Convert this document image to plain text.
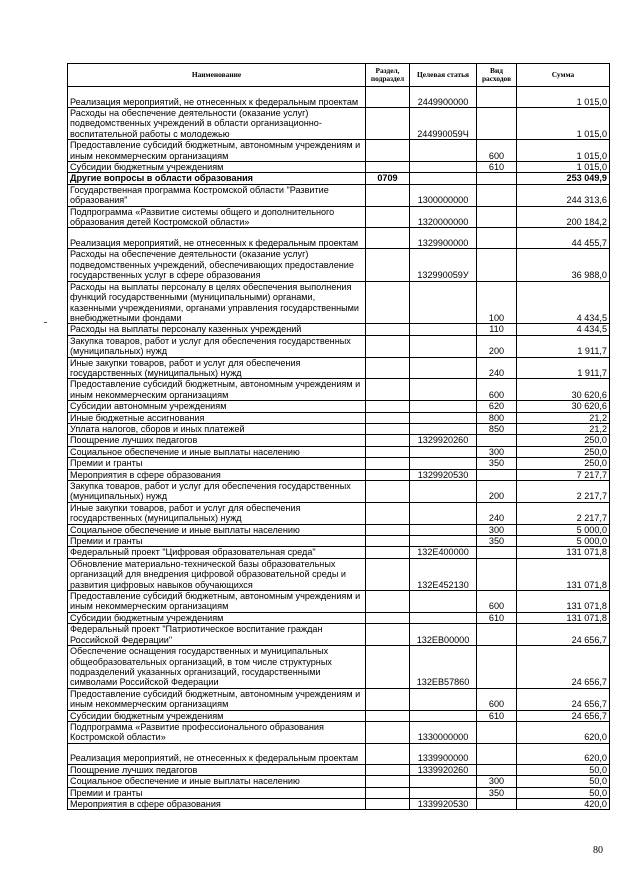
Наименование	Раздел, подраздел	Целевая статья	Вид расходов	Сумма
Реализация мероприятий, не отнесенных к федеральным проектам		2449900000		1 015,0
Расходы на обеспечение деятельности (оказание услуг) подведомственных учреждений в области организационно-воспитательной работы с молодежью		244990059Ч		1 015,0
Предоставление субсидий бюджетным, автономным учреждениям и иным некоммерческим организациям			600	1 015,0
Субсидии бюджетным учреждениям			610	1 015,0
Другие вопросы в области образования	0709			253 049,9
Государственная программа Костромской области "Развитие образования"		1300000000		244 313,6
Подпрограмма «Развитие системы общего и дополнительного образования детей Костромской области»		1320000000		200 184,2
Реализация мероприятий, не отнесенных к федеральным проектам		1329900000		44 455,7
Расходы на обеспечение деятельности (оказание услуг) подведомственных учреждений, обеспечивающих предоставление государственных услуг в сфере образования		132990059У		36 988,0
Расходы на выплаты персоналу в целях обеспечения выполнения функций государственными (муниципальными) органами, казенными учреждениями, органами управления государственными внебюджетными фондами			100	4 434,5
Расходы на выплаты персоналу казенных учреждений			110	4 434,5
Закупка товаров, работ и услуг для обеспечения государственных (муниципальных) нужд			200	1 911,7
Иные закупки товаров, работ и услуг для обеспечения государственных (муниципальных) нужд			240	1 911,7
Предоставление субсидий бюджетным, автономным учреждениям и иным некоммерческим организациям			600	30 620,6
Субсидии автономным учреждениям			620	30 620,6
Иные бюджетные ассигнования			800	21,2
Уплата налогов, сборов и иных платежей			850	21,2
Поощрение лучших педагогов		1329920260		250,0
Социальное обеспечение и иные выплаты населению			300	250,0
Премии и гранты			350	250,0
Мероприятия в сфере образования		1329920530		7 217,7
Закупка товаров, работ и услуг для обеспечения государственных (муниципальных) нужд			200	2 217,7
Иные закупки товаров, работ и услуг для обеспечения государственных (муниципальных) нужд			240	2 217,7
Социальное обеспечение и иные выплаты населению			300	5 000,0
Премии и гранты			350	5 000,0
Федеральный проект "Цифровая образовательная среда"		132E400000		131 071,8
Обновление материально-технической базы образовательных организаций для внедрения цифровой образовательной среды и развития цифровых навыков обучающихся		132E452130		131 071,8
Предоставление субсидий бюджетным, автономным учреждениям и иным некоммерческим организациям			600	131 071,8
Субсидии бюджетным учреждениям			610	131 071,8
Федеральный проект "Патриотическое воспитание граждан Российской Федерации"		132EB00000		24 656,7
Обеспечение оснащения государственных и муниципальных общеобразовательных организаций, в том числе структурных подразделений указанных организаций, государственными символами Российской Федерации		132EB57860		24 656,7
Предоставление субсидий бюджетным, автономным учреждениям и иным некоммерческим организациям			600	24 656,7
Субсидии бюджетным учреждениям			610	24 656,7
Подпрограмма «Развитие профессионального образования Костромской области»		1330000000		620,0
Реализация мероприятий, не отнесенных к федеральным проектам		1339900000		620,0
Поощрение лучших педагогов		1339920260		50,0
Социальное обеспечение и иные выплаты населению			300	50,0
Премии и гранты			350	50,0
Мероприятия в сфере образования		1339920530		420,0
80
